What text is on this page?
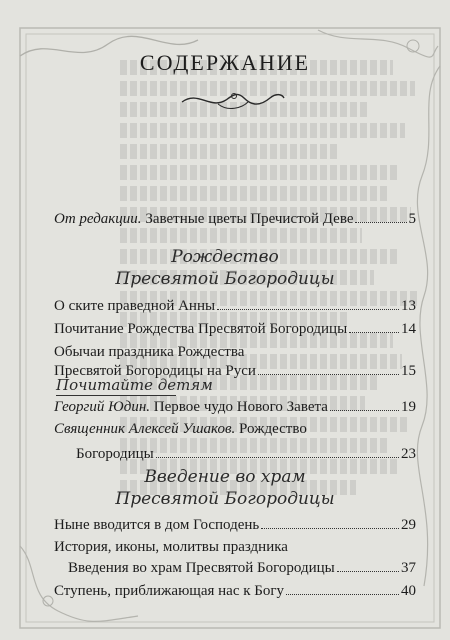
СОДЕРЖАНИЕ
От редакции. Заветные цветы Пречистой Деве	5
О ските праведной Анны	13
Почитание Рождества Пресвятой Богородицы	14
Обычаи праздника Рождества
Пресвятой Богородицы на Руси	15
Георгий Юдин. Первое чудо Нового Завета	19
Священник Алексей Ушаков. Рождество
Богородицы	23
Ныне вводится в дом Господень	29
История, иконы, молитвы праздника
Введения во храм Пресвятой Богородицы	37
Ступень, приближающая нас к Богу	40
Рождество
Пресвятой Богородицы
Почитайте детям
Введение во храм
Пресвятой Богородицы
